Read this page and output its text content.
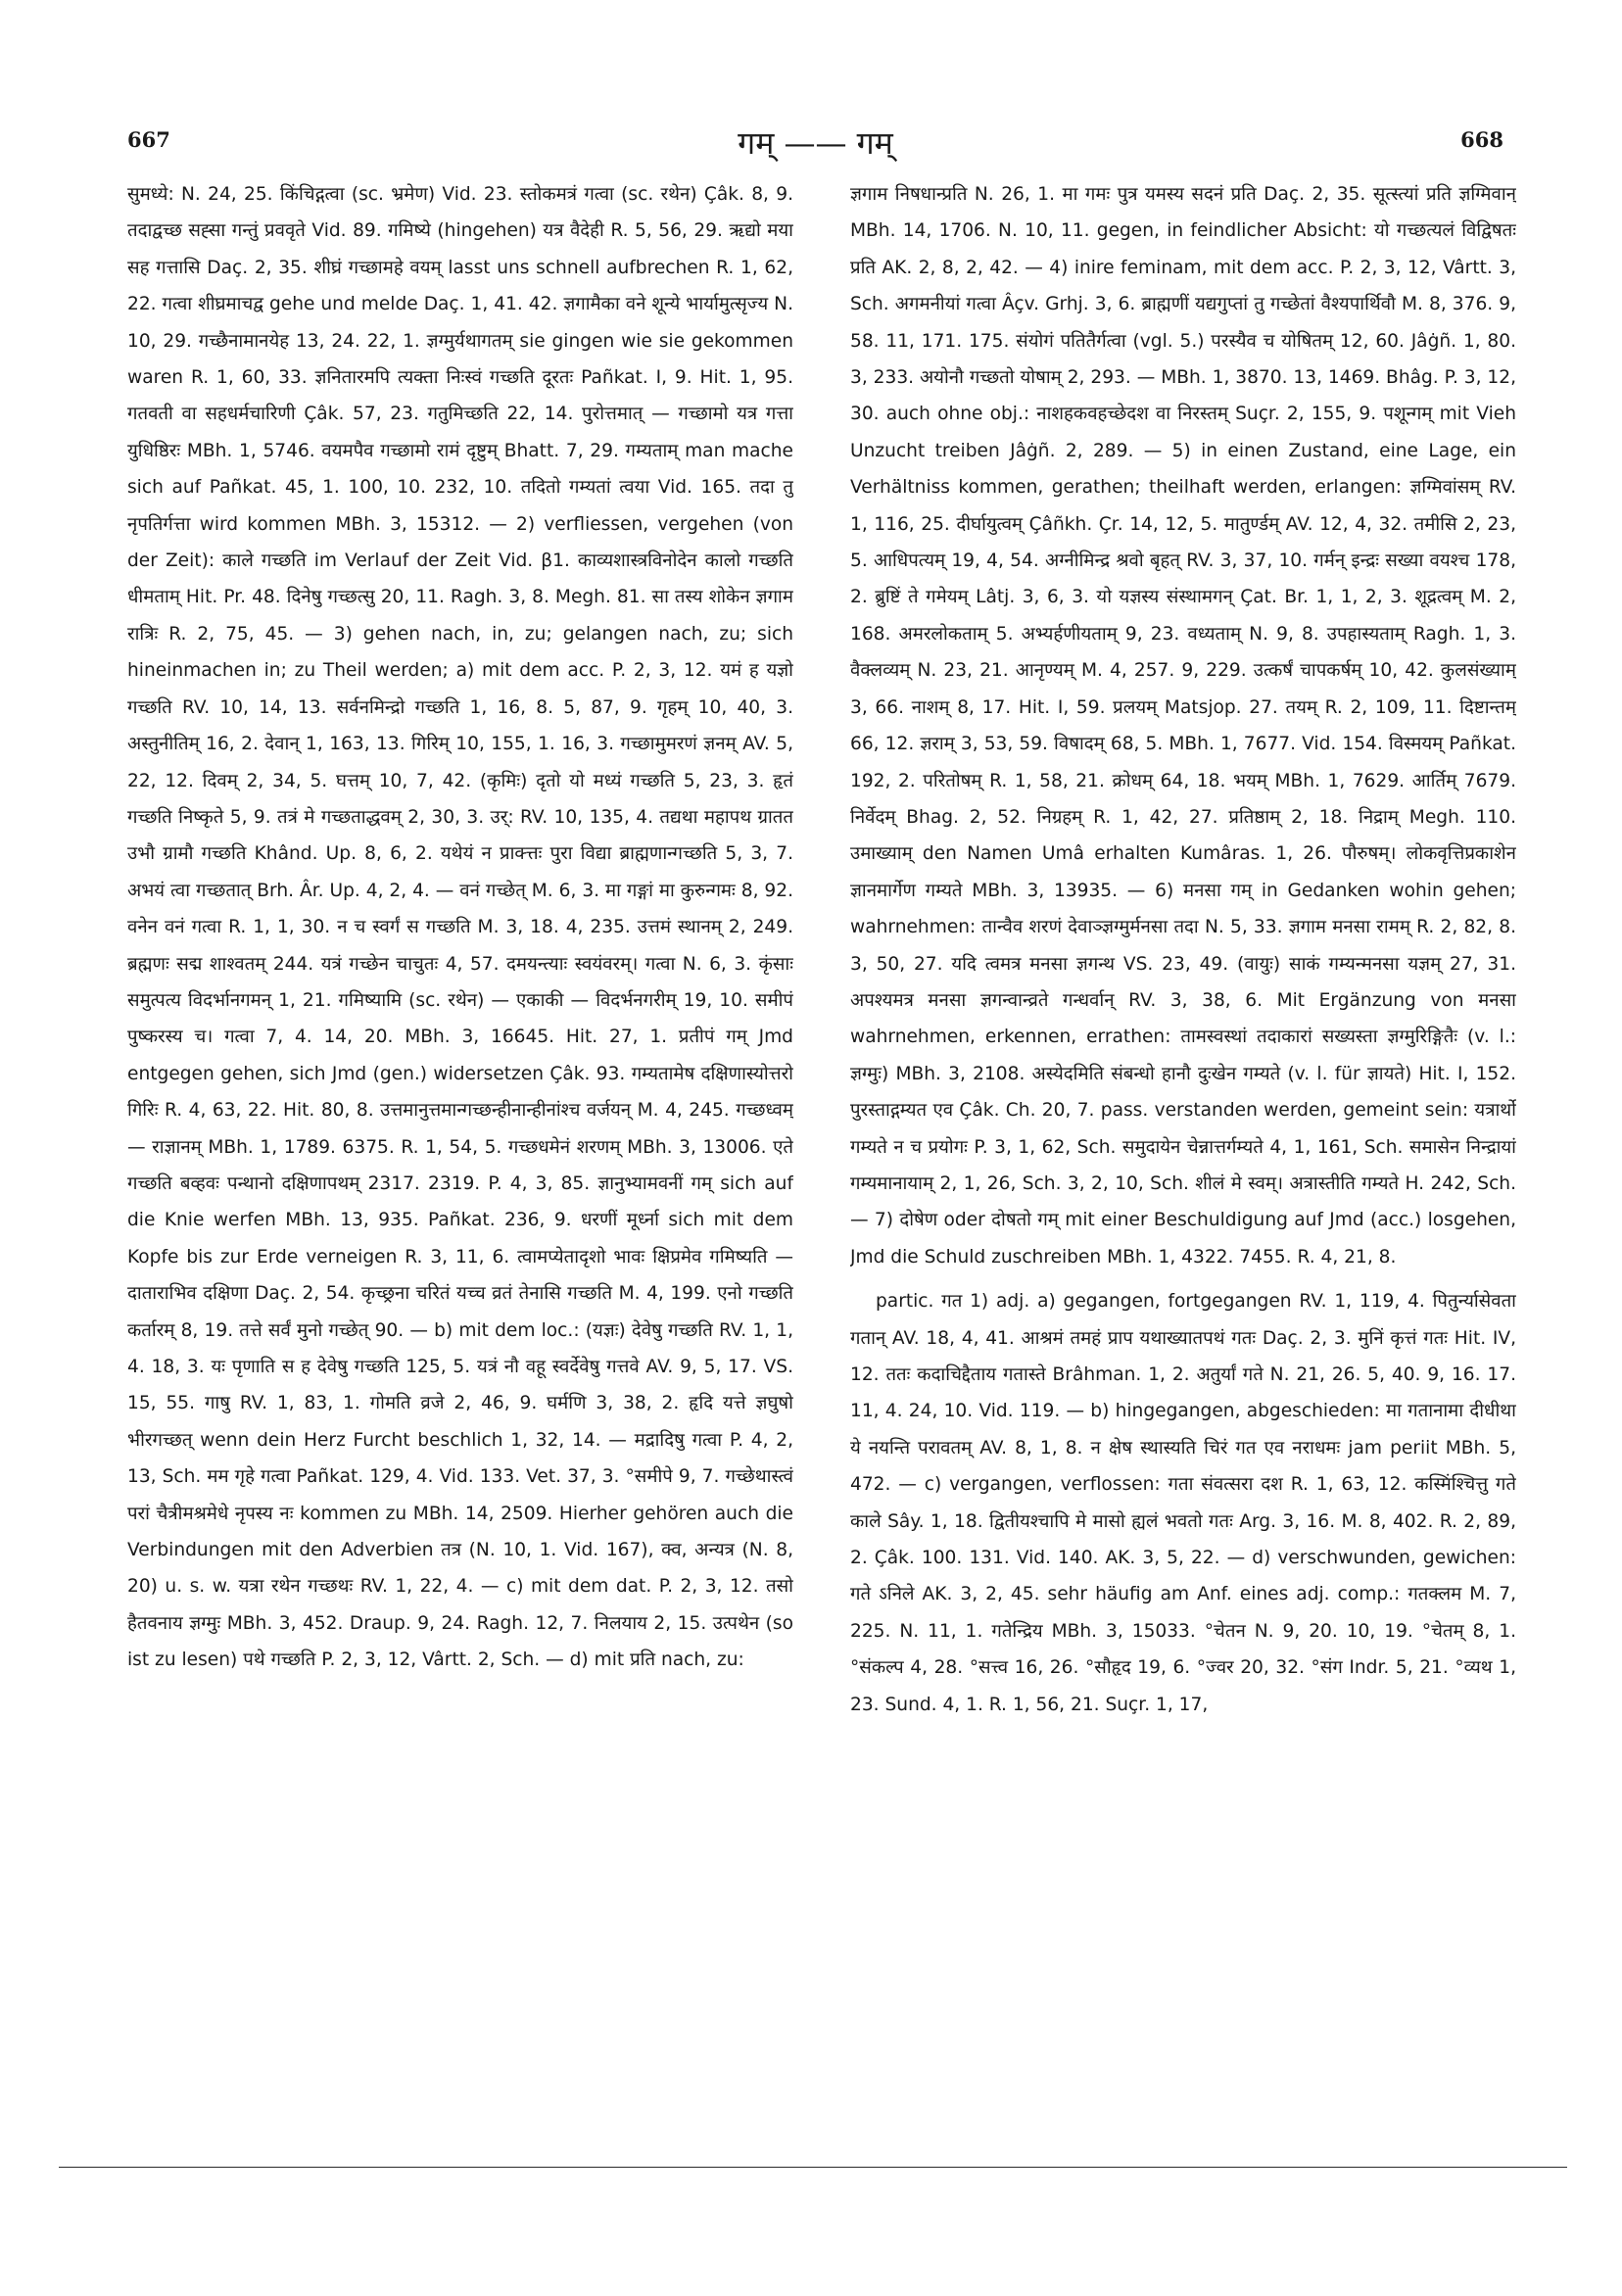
667	गम् —— गम्	668

सुमध्ये: N. 24, 25. किंचिद्गत्वा (sc. भ्रमेण) Vid. 23. स्तोकमत्रं गत्वा (sc. रथेन) Çâk. 8, 9. तदाद्वच्छ सह्सा गन्तुं प्रववृते Vid. 89. गमिष्ये (hingehen) यत्र वैदेही R. 5, 56, 29. ऋद्यो मया सह गत्तासि Daç. 2, 35. शीघ्रं गच्छामहे वयम् lasst uns schnell aufbrechen R. 1, 62, 22. गत्वा शीघ्रमाचद्व gehe und melde Daç. 1, 41. 42. ज्ञगामैका वने शून्ये भार्यामुत्सृज्य N. 10, 29. गच्छैनामानयेह 13, 24. 22, 1. ज्ञग्मुर्यथागतम् sie gingen wie sie gekommen waren R. 1, 60, 33. ज्ञनितारमपि त्यक्ता निःस्वं गच्छति दूरतः Pañkat. I, 9. Hit. 1, 95. गतवती वा सहधर्मचारिणी Çâk. 57, 23. गतुमिच्छति 22, 14. पुरोत्तमात् — गच्छामो यत्र गत्ता युधिष्ठिरः MBh. 1, 5746. वयमपैव गच्छामो रामं दृष्टुम् Bhatt. 7, 29. गम्यताम् man mache sich auf Pañkat. 45, 1. 100, 10. 232, 10. तदितो गम्यतां त्वया Vid. 165. तदा तु नृपतिर्गत्ता wird kommen MBh. 3, 15312. — 2) verfliessen, vergehen (von der Zeit): काले गच्छति im Verlauf der Zeit Vid. β1. काव्यशास्त्रविनोदेन कालो गच्छति धीमताम् Hit. Pr. 48. दिनेषु गच्छत्सु 20, 11. Ragh. 3, 8. Megh. 81. सा तस्य शोकेन ज्ञगाम रात्रिः R. 2, 75, 45. — 3) gehen nach, in, zu; gelangen nach, zu; sich hineinmachen in; zu Theil werden; a) mit dem acc. P. 2, 3, 12. यमं ह यज्ञो गच्छति RV. 10, 14, 13. सर्वनमिन्द्रो गच्छति 1, 16, 8. 5, 87, 9. गृहम् 10, 40, 3. अस्तुनीतिम् 16, 2. देवान् 1, 163, 13. गिरिम् 10, 155, 1. 16, 3. गच्छामुमरणं ज्ञनम् AV. 5, 22, 12. दिवम् 2, 34, 5. घत्तम् 10, 7, 42. (कृमिः) दृतो यो मध्यं गच्छति 5, 23, 3. हृतं गच्छति निष्कृते 5, 9. तत्रं मे गच्छताद्धवम् 2, 30, 3. उर्: RV. 10, 135, 4. तद्यथा महापथ ग्रातत उभौ ग्रामौ गच्छति Khând. Up. 8, 6, 2. यथेयं न प्राक्त्तः पुरा विद्या ब्राह्मणान्गच्छति 5, 3, 7. अभयं त्वा गच्छतात् Brh. Âr. Up. 4, 2, 4. — वनं गच्छेत् M. 6, 3. मा गङ्गां मा कुरुन्गमः 8, 92. वनेन वनं गत्वा R. 1, 1, 30. न च स्वर्गं स गच्छति M. 3, 18. 4, 235. उत्तमं स्थानम् 2, 249. ब्रह्मणः सद्म शाश्वतम् 244. यत्रं गच्छेन चाचुतः 4, 57. दमयन्त्याः स्वयंवरम्। गत्वा N. 6, 3. कृंसाः समुत्पत्य विदर्भानगमन् 1, 21. गमिष्यामि (sc. रथेन) — एकाकी — विदर्भनगरीम् 19, 10. समीपं पुष्करस्य च। गत्वा 7, 4. 14, 20. MBh. 3, 16645. Hit. 27, 1. प्रतीपं गम् Jmd entgegen gehen, sich Jmd (gen.) widersetzen Çâk. 93. गम्यतामेष दक्षिणास्योत्तरो गिरिः R. 4, 63, 22. Hit. 80, 8. उत्तमानुत्तमान्गच्छन्हीनान्हीनांश्च वर्जयन् M. 4, 245. गच्छध्वम् — राज्ञानम् MBh. 1, 1789. 6375. R. 1, 54, 5. गच्छधमेनं शरणम् MBh. 3, 13006. एते गच्छति बव्हवः पन्थानो दक्षिणापथम् 2317. 2319. P. 4, 3, 85. ज्ञानुभ्यामवनीं गम् sich auf die Knie werfen MBh. 13, 935. Pañkat. 236, 9. धरणीं मूर्ध्ना sich mit dem Kopfe bis zur Erde verneigen R. 3, 11, 6. त्वामप्येतादृशो भावः क्षिप्रमेव गमिष्यति — दाताराभिव दक्षिणा Daç. 2, 54. कृच्छ्रना चरितं यच्च व्रतं तेनासि गच्छति M. 4, 199. एनो गच्छति कर्तारम् 8, 19. तत्ते सर्वं मुनो गच्छेत् 90. — b) mit dem loc.: (यज्ञः) देवेषु गच्छति RV. 1, 1, 4. 18, 3. यः पृणाति स ह देवेषु गच्छति 125, 5. यत्रं नौ वहू स्वर्देवेषु गत्तवे AV. 9, 5, 17. VS. 15, 55. गाषु RV. 1, 83, 1. गोमति व्रजे 2, 46, 9. घर्मणि 3, 38, 2. हृदि यत्ते ज्ञघुषो भीरगच्छत् wenn dein Herz Furcht beschlich 1, 32, 14. — मद्रादिषु गत्वा P. 4, 2, 13, Sch. मम गृहे गत्वा Pañkat. 129, 4. Vid. 133. Vet. 37, 3. °समीपे 9, 7. गच्छेथास्त्वं परां चैत्रीमश्रमेधे नृपस्य नः kommen zu MBh. 14, 2509. Hierher gehören auch die Verbindungen mit den Adverbien तत्र (N. 10, 1. Vid. 167), क्व, अन्यत्र (N. 8, 20) u. s. w. यत्रा रथेन गच्छथः RV. 1, 22, 4. — c) mit dem dat. P. 2, 3, 12. तसो हैतवनाय ज्ञग्मुः MBh. 3, 452. Draup. 9, 24. Ragh. 12, 7. निलयाय 2, 15. उत्पथेन (so ist zu lesen) पथे गच्छति P. 2, 3, 12, Vârtt. 2, Sch. — d) mit प्रति nach, zu:

ज्ञगाम निषधान्प्रति N. 26, 1. मा गमः पुत्र यमस्य सदनं प्रति Daç. 2, 35. सूत्स्त्यां प्रति ज्ञग्मिवान् MBh. 14, 1706. N. 10, 11. gegen, in feindlicher Absicht: यो गच्छत्यलं विद्विषतः प्रति AK. 2, 8, 2, 42. — 4) inire feminam, mit dem acc. P. 2, 3, 12, Vârtt. 3, Sch. अगमनीयां गत्वा Âçv. Grhj. 3, 6. ब्राह्मणीं यद्यगुप्तां तु गच्छेतां वैश्यपार्थिवौ M. 8, 376. 9, 58. 11, 171. 175. संयोगं पतितैर्गत्वा (vgl. 5.) परस्यैव च योषितम् 12, 60. Jâġñ. 1, 80. 3, 233. अयोनौ गच्छतो योषाम् 2, 293. — MBh. 1, 3870. 13, 1469. Bhâg. P. 3, 12, 30. auch ohne obj.: नाशहकवहच्छेदश वा निरस्तम् Suçr. 2, 155, 9. पशून्गम् mit Vieh Unzucht treiben Jâġñ. 2, 289. — 5) in einen Zustand, eine Lage, ein Verhältniss kommen, gerathen; theilhaft werden, erlangen: ज्ञग्मिवांसम् RV. 1, 116, 25. दीर्घायुत्वम् Çâñkh. Çr. 14, 12, 5. मातुर्ण्डम् AV. 12, 4, 32. तमीसि 2, 23, 5. आधिपत्यम् 19, 4, 54. अग्नीमिन्द्र श्रवो बृहत् RV. 3, 37, 10. गर्मन् इन्द्रः सख्या वयश्च 178, 2. ब्रुष्टिं ते गमेयम् Lâtj. 3, 6, 3. यो यज्ञस्य संस्थामगन् Çat. Br. 1, 1, 2, 3. शूद्रत्वम् M. 2, 168. अमरलोकताम् 5. अभ्यर्हणीयताम् 9, 23. वध्यताम् N. 9, 8. उपहास्यताम् Ragh. 1, 3. वैक्लव्यम् N. 23, 21. आनृण्यम् M. 4, 257. 9, 229. उत्कर्षं चापकर्षम् 10, 42. कुलसंख्याम् 3, 66. नाशम् 8, 17. Hit. I, 59. प्रलयम् Matsjop. 27. तयम् R. 2, 109, 11. दिष्टान्तम् 66, 12. ज्ञराम् 3, 53, 59. विषादम् 68, 5. MBh. 1, 7677. Vid. 154. विस्मयम् Pañkat. 192, 2. परितोषम् R. 1, 58, 21. क्रोधम् 64, 18. भयम् MBh. 1, 7629. आर्तिम् 7679. निर्वेदम् Bhag. 2, 52. निग्रहम् R. 1, 42, 27. प्रतिष्ठाम् 2, 18. निद्राम् Megh. 110. उमाख्याम् den Namen Umâ erhalten Kumâras. 1, 26. पौरुषम्। लोकवृत्तिप्रकाशेन ज्ञानमार्गेण गम्यते MBh. 3, 13935. — 6) मनसा गम् in Gedanken wohin gehen; wahrnehmen: तान्वैव शरणं देवाञ्ज्ञग्मुर्मनसा तदा N. 5, 33. ज्ञगाम मनसा रामम् R. 2, 82, 8. 3, 50, 27. यदि त्वमत्र मनसा ज्ञगन्थ VS. 23, 49. (वायुः) साकं गम्यन्मनसा यज्ञम् 27, 31. अपश्यमत्र मनसा ज्ञगन्वान्व्रते गन्धर्वान् RV. 3, 38, 6. Mit Ergänzung von मनसा wahrnehmen, erkennen, errathen: तामस्वस्थां तदाकारां सख्यस्ता ज्ञग्मुरिङ्गितैः (v. l.: ज्ञग्मुः) MBh. 3, 2108. अस्येदमिति संबन्धो हानौ दुःखेन गम्यते (v. l. für ज्ञायते) Hit. I, 152. पुरस्ताद्गम्यत एव Çâk. Ch. 20, 7. pass. verstanden werden, gemeint sein: यत्रार्थो गम्यते न च प्रयोगः P. 3, 1, 62, Sch. समुदायेन चेन्नात्तर्गम्यते 4, 1, 161, Sch. समासेन निन्द्रायां गम्यमानायाम् 2, 1, 26, Sch. 3, 2, 10, Sch. शीलं मे स्वम्। अत्रास्तीति गम्यते H. 242, Sch. — 7) दोषेण oder दोषतो गम् mit einer Beschuldigung auf Jmd (acc.) losgehen, Jmd die Schuld zuschreiben MBh. 1, 4322. 7455. R. 4, 21, 8.

partic. गत 1) adj. a) gegangen, fortgegangen RV. 1, 119, 4. पितुर्न्यासेवता गतान् AV. 18, 4, 41. आश्रमं तमहं प्राप यथाख्यातपथं गतः Daç. 2, 3. मुनिं कृत्तं गतः Hit. IV, 12. ततः कदाचिद्दैताय गतास्ते Brâhman. 1, 2. अतुर्यां गते N. 21, 26. 5, 40. 9, 16. 17. 11, 4. 24, 10. Vid. 119. — b) hingegangen, abgeschieden: मा गतानामा दीधीथा ये नयन्ति परावतम् AV. 8, 1, 8. न क्षेष स्थास्यति चिरं गत एव नराधमः jam periit MBh. 5, 472. — c) vergangen, verflossen: गता संवत्सरा दश R. 1, 63, 12. कस्मिंश्चित्तु गते काले Sây. 1, 18. द्वितीयश्चापि मे मासो ह्यलं भवतो गतः Arg. 3, 16. M. 8, 402. R. 2, 89, 2. Çâk. 100. 131. Vid. 140. AK. 3, 5, 22. — d) verschwunden, gewichen: गते ऽनिले AK. 3, 2, 45. sehr häufig am Anf. eines adj. comp.: गतक्लम M. 7, 225. N. 11, 1. गतेन्द्रिय MBh. 3, 15033. °चेतन N. 9, 20. 10, 19. °चेतम् 8, 1. °संकल्प 4, 28. °सत्त्व 16, 26. °सौहृद 19, 6. °ज्वर 20, 32. °संग Indr. 5, 21. °व्यथ 1, 23. Sund. 4, 1. R. 1, 56, 21. Suçr. 1, 17,
